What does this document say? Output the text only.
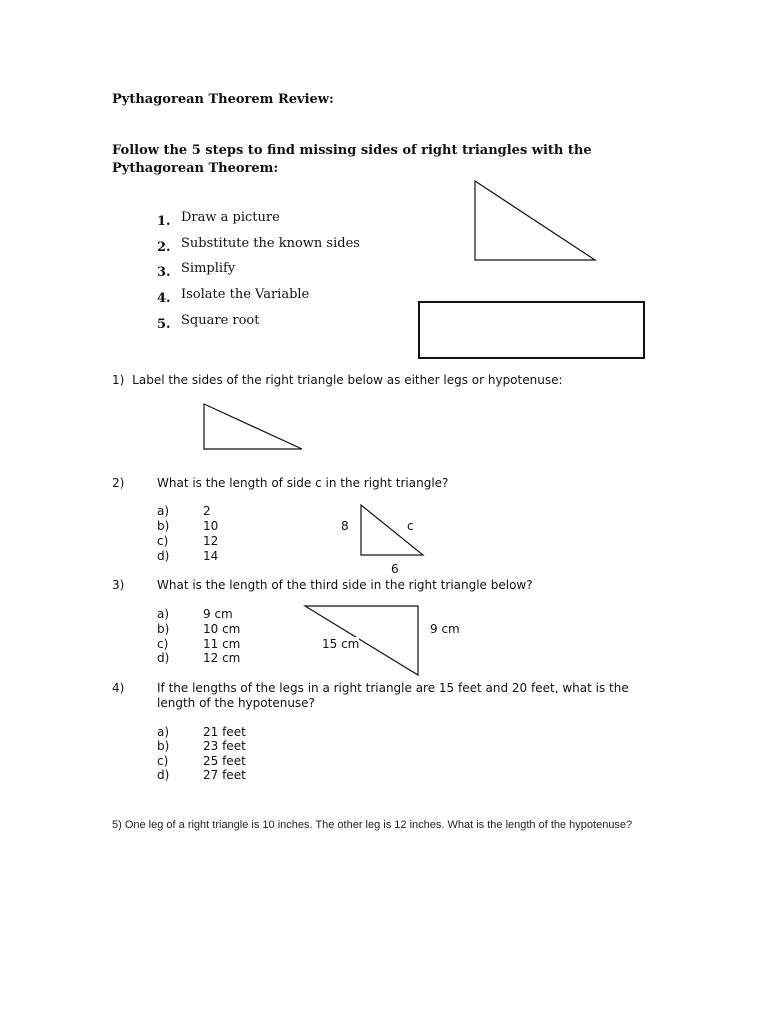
Pythagorean Theorem Review:
Follow the 5 steps to find missing sides of right triangles with the Pythagorean Theorem:
1. Draw a picture
2. Substitute the known sides
3. Simplify
4. Isolate the Variable
5. Square root
1) Label the sides of the right triangle below as either legs or hypotenuse:
2)	What is the length of side c in the right triangle?
a)	2
b)	10
c)	12
d)	14
8	c
6
3)	What is the length of the third side in the right triangle below?
a)	9 cm
b)	10 cm
c)	11 cm
d)	12 cm
15 cm
9 cm
4)	If the lengths of the legs in a right triangle are 15 feet and 20 feet, what is the
length of the hypotenuse?
a)	21 feet
b)	23 feet
c)	25 feet
d)	27 feet
5) One leg of a right triangle is 10 inches. The other leg is 12 inches. What is the length of the hypotenuse?
